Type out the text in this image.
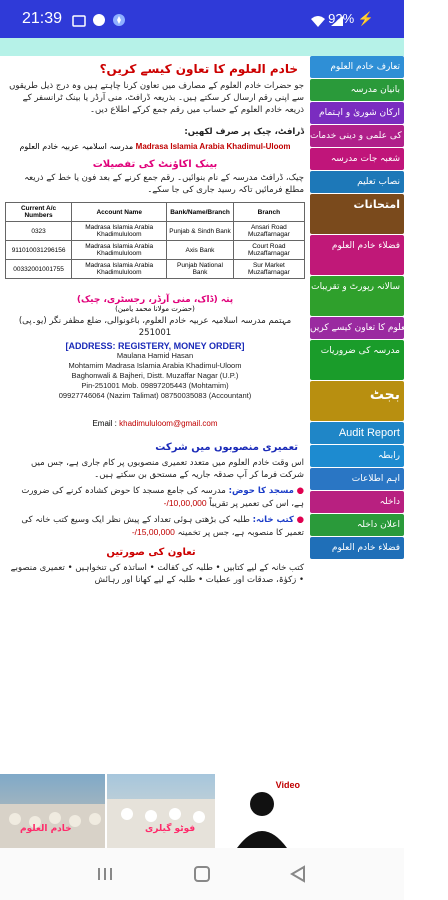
21:39	92% ⚡
خادم العلوم کا تعاون کیسے کریں؟
جو حضرات خادم العلوم کے مصارف میں تعاون کرنا چاہتے ہیں وہ درج ذیل طریقوں سے اپنی رقم ارسال کر سکتے ہیں۔ بذریعہ ڈرافٹ، منی آرڈر یا بینک ٹرانسفر کے ذریعہ خادم العلوم کے حساب میں رقم جمع کرکے اطلاع دیں۔
ڈرافٹ، چیک پر صرف لکھیں:
مدرسہ اسلامیہ عربیہ خادم العلوم Madrasa Islamia Arabia Khadimul-Uloom
بینک اکاؤنٹ کی تفصیلات
چیک، ڈرافٹ مدرسہ کے نام بنوائیں۔ رقم جمع کرنے کے بعد فون یا خط کے ذریعہ مطلع فرمائیں تاکہ رسید جاری کی جا سکے۔
Current A/c Numbers	Account Name	Bank/Name/Branch	Branch
0323	Madrasa Islamia Arabia Khadimululoom	Punjab & Sindh Bank	Ansari Road Muzaffarnagar
911010031296156	Madrasa Islamia Arabia Khadimululoom	Axis Bank	Court Road Muzaffarnagar
00332001001755	Madrasa Islamia Arabia Khadimululoom	Punjab National Bank	Sur Market Muzaffarnagar
پتہ (ڈاک، منی آرڈر، رجسٹری، چیک)
(حضرت مولانا محمد یامین)
مہتمم مدرسہ اسلامیہ عربیہ خادم العلوم، باغونوالی، ضلع مظفر نگر (یو۔پی) 251001
[ADDRESS: REGISTERY, MONEY ORDER]
Maulana Hamid Hasan
Mohtamim Madrasa Islamia Arabia Khadimul-Uloom
Baghonwali & Bajheri, Distt. Muzaffar Nagar (U.P.)
Pin-251001 Mob. 09897205443 (Mohtamim)
09927746064 (Nazim Talimat) 08750035083 (Accountant)
Email : khadimululoom@gmail.com
تعمیری منصوبوں میں شرکت
اس وقت خادم العلوم میں متعدد تعمیری منصوبوں پر کام جاری ہے، جس میں شرکت فرما کر آپ صدقہ جاریہ کے مستحق بن سکتے ہیں۔
● مسجد کا حوض: مدرسہ کی جامع مسجد کا حوض کشادہ کرنے کی ضرورت ہے، اس کی تعمیر پر تقریباً 10,00,000/-
● کتب خانہ: طلبہ کی بڑھتی ہوئی تعداد کے پیش نظر ایک وسیع کتب خانہ کی تعمیر کا منصوبہ ہے، جس پر تخمینہ 15,00,000/-
تعاون کی صورتیں
کتب خانہ کے لیے کتابیں • طلبہ کی کفالت • اساتذہ کی تنخواہیں • تعمیری منصوبے • زکوٰۃ، صدقات اور عطیات • طلبہ کے لیے کھانا اور رہائش
تعارف خادم العلوم
بانیان مدرسہ
ارکان شوریٰ و اہتمام
خادم العلوم کی علمی و دینی خدمات
شعبہ جات مدرسہ
نصاب تعلیم
امتحانات
فضلاء خادم العلوم
سالانہ رپورٹ و تقریبات
خادم العلوم کا تعاون کیسے کریں
مدرسہ کی ضروریات
بجٹ
Audit Report
رابطہ
اہم اطلاعات
داخلہ
اعلان داخلہ
فضلاء خادم العلوم
خادم العلوم	فوٹو گیلری
Video
